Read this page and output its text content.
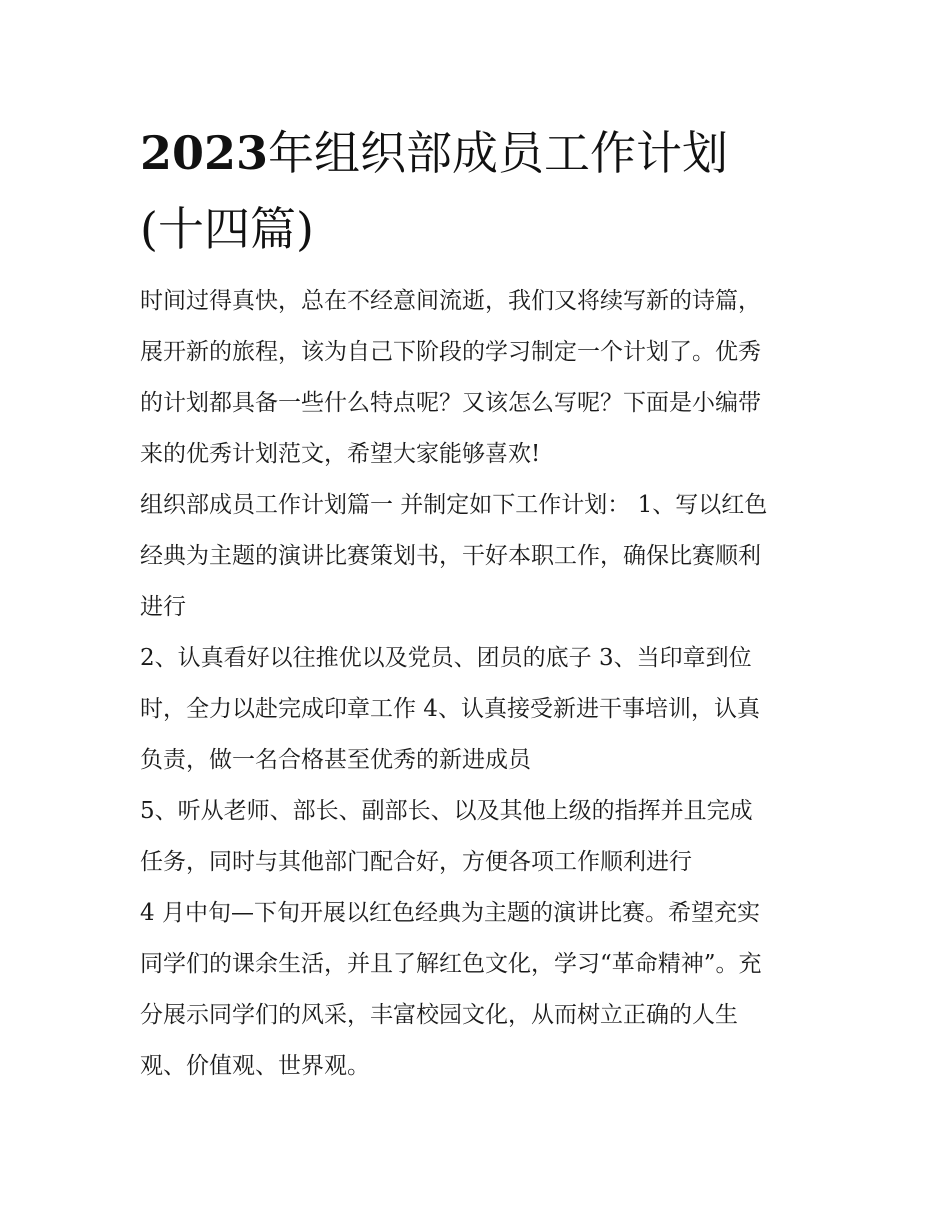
2023年组织部成员工作计划
(十四篇)

时间过得真快，总在不经意间流逝，我们又将续写新的诗篇，
展开新的旅程，该为自己下阶段的学习制定一个计划了。优秀
的计划都具备一些什么特点呢？又该怎么写呢？下面是小编带
来的优秀计划范文，希望大家能够喜欢!

组织部成员工作计划篇一 并制定如下工作计划： 1、写以红色
经典为主题的演讲比赛策划书，干好本职工作，确保比赛顺利
进行

2、认真看好以往推优以及党员、团员的底子 3、当印章到位
时，全力以赴完成印章工作 4、认真接受新进干事培训，认真
负责，做一名合格甚至优秀的新进成员

5、听从老师、部长、副部长、以及其他上级的指挥并且完成
任务，同时与其他部门配合好，方便各项工作顺利进行

4 月中旬—下旬开展以红色经典为主题的演讲比赛。希望充实
同学们的课余生活，并且了解红色文化，学习“革命精神”。充
分展示同学们的风采，丰富校园文化，从而树立正确的人生
观、价值观、世界观。
